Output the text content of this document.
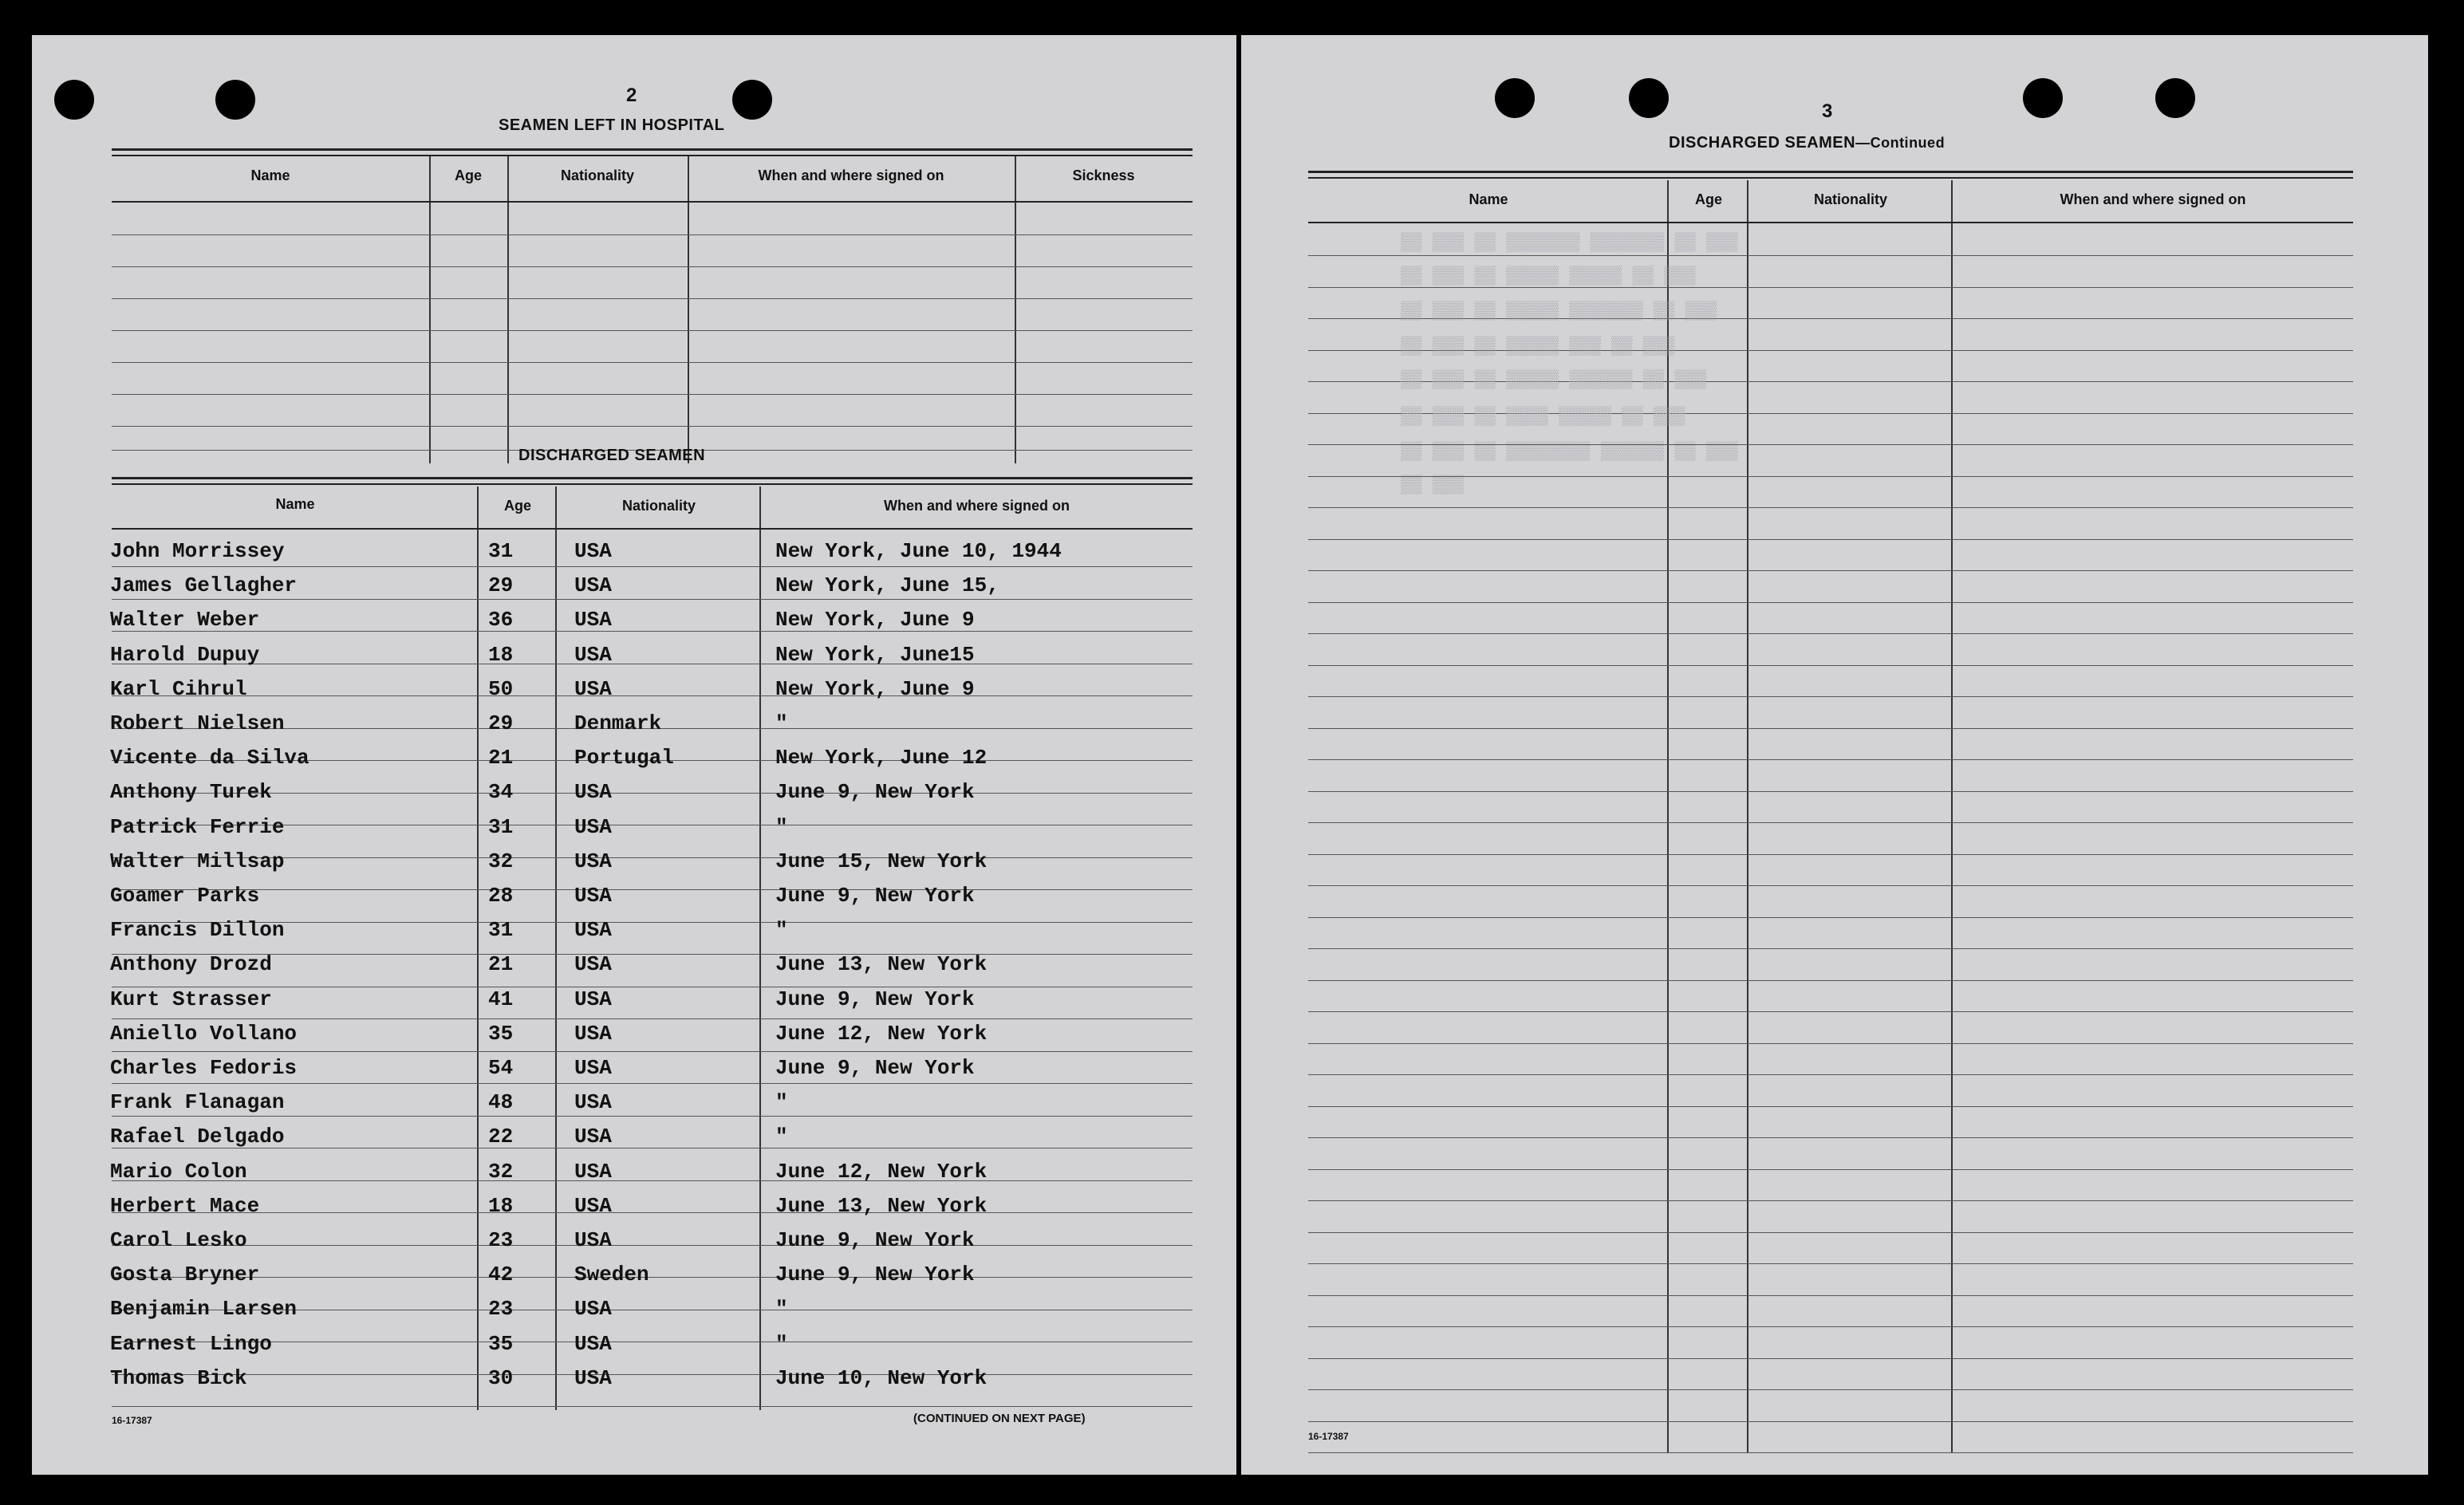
2
SEAMEN LEFT IN HOSPITAL
Name	Age	Nationality	When and where signed on	Sickness
DISCHARGED SEAMEN
Name	Age	Nationality	When and where signed on
John Morrissey	31	USA	New York, June 10, 1944
James Gellagher	29	USA	New York, June 15,
Walter Weber	36	USA	New York, June 9
Harold Dupuy	18	USA	New York, June15
Karl Cihrul	50	USA	New York, June 9
Robert Nielsen	29	Denmark	"
Vicente da Silva	21	Portugal	New York, June 12
Anthony Turek	34	USA	June 9, New York
Patrick Ferrie	31	USA	"
Walter Millsap	32	USA	June 15, New York
Goamer Parks	28	USA	June 9, New York
Francis Dillon	31	USA	"
Anthony Drozd	21	USA	June 13, New York
Kurt Strasser	41	USA	June 9, New York
Aniello Vollano	35	USA	June 12, New York
Charles Fedoris	54	USA	June 9, New York
Frank Flanagan	48	USA	"
Rafael Delgado	22	USA	"
Mario Colon	32	USA	June 12, New York
Herbert Mace	18	USA	June 13, New York
Carol Lesko	23	USA	June 9, New York
Gosta Bryner	42	Sweden	June 9, New York
Benjamin Larsen	23	USA	"
Earnest Lingo	35	USA	"
Thomas Bick	30	USA	June 10, New York
16-17387	(CONTINUED ON NEXT PAGE)
3
DISCHARGED SEAMEN—Continued
Name	Age	Nationality	When and where signed on
▒▒ ▒▒▒ ▒▒ ▒▒▒▒▒▒▒ ▒▒▒▒▒▒▒ ▒▒ ▒▒▒
▒▒ ▒▒▒ ▒▒ ▒▒▒▒▒ ▒▒▒▒▒ ▒▒ ▒▒▒
▒▒ ▒▒▒ ▒▒ ▒▒▒▒▒ ▒▒▒▒▒▒▒ ▒▒ ▒▒▒
▒▒ ▒▒▒ ▒▒ ▒▒▒▒▒ ▒▒▒ ▒▒ ▒▒▒
▒▒ ▒▒▒ ▒▒ ▒▒▒▒▒ ▒▒▒▒▒▒ ▒▒ ▒▒▒
▒▒ ▒▒▒ ▒▒ ▒▒▒▒ ▒▒▒▒▒ ▒▒ ▒▒▒
▒▒ ▒▒▒ ▒▒ ▒▒▒▒▒▒▒▒ ▒▒▒▒▒▒ ▒▒ ▒▒▒
▒▒ ▒▒▒
16-17387
